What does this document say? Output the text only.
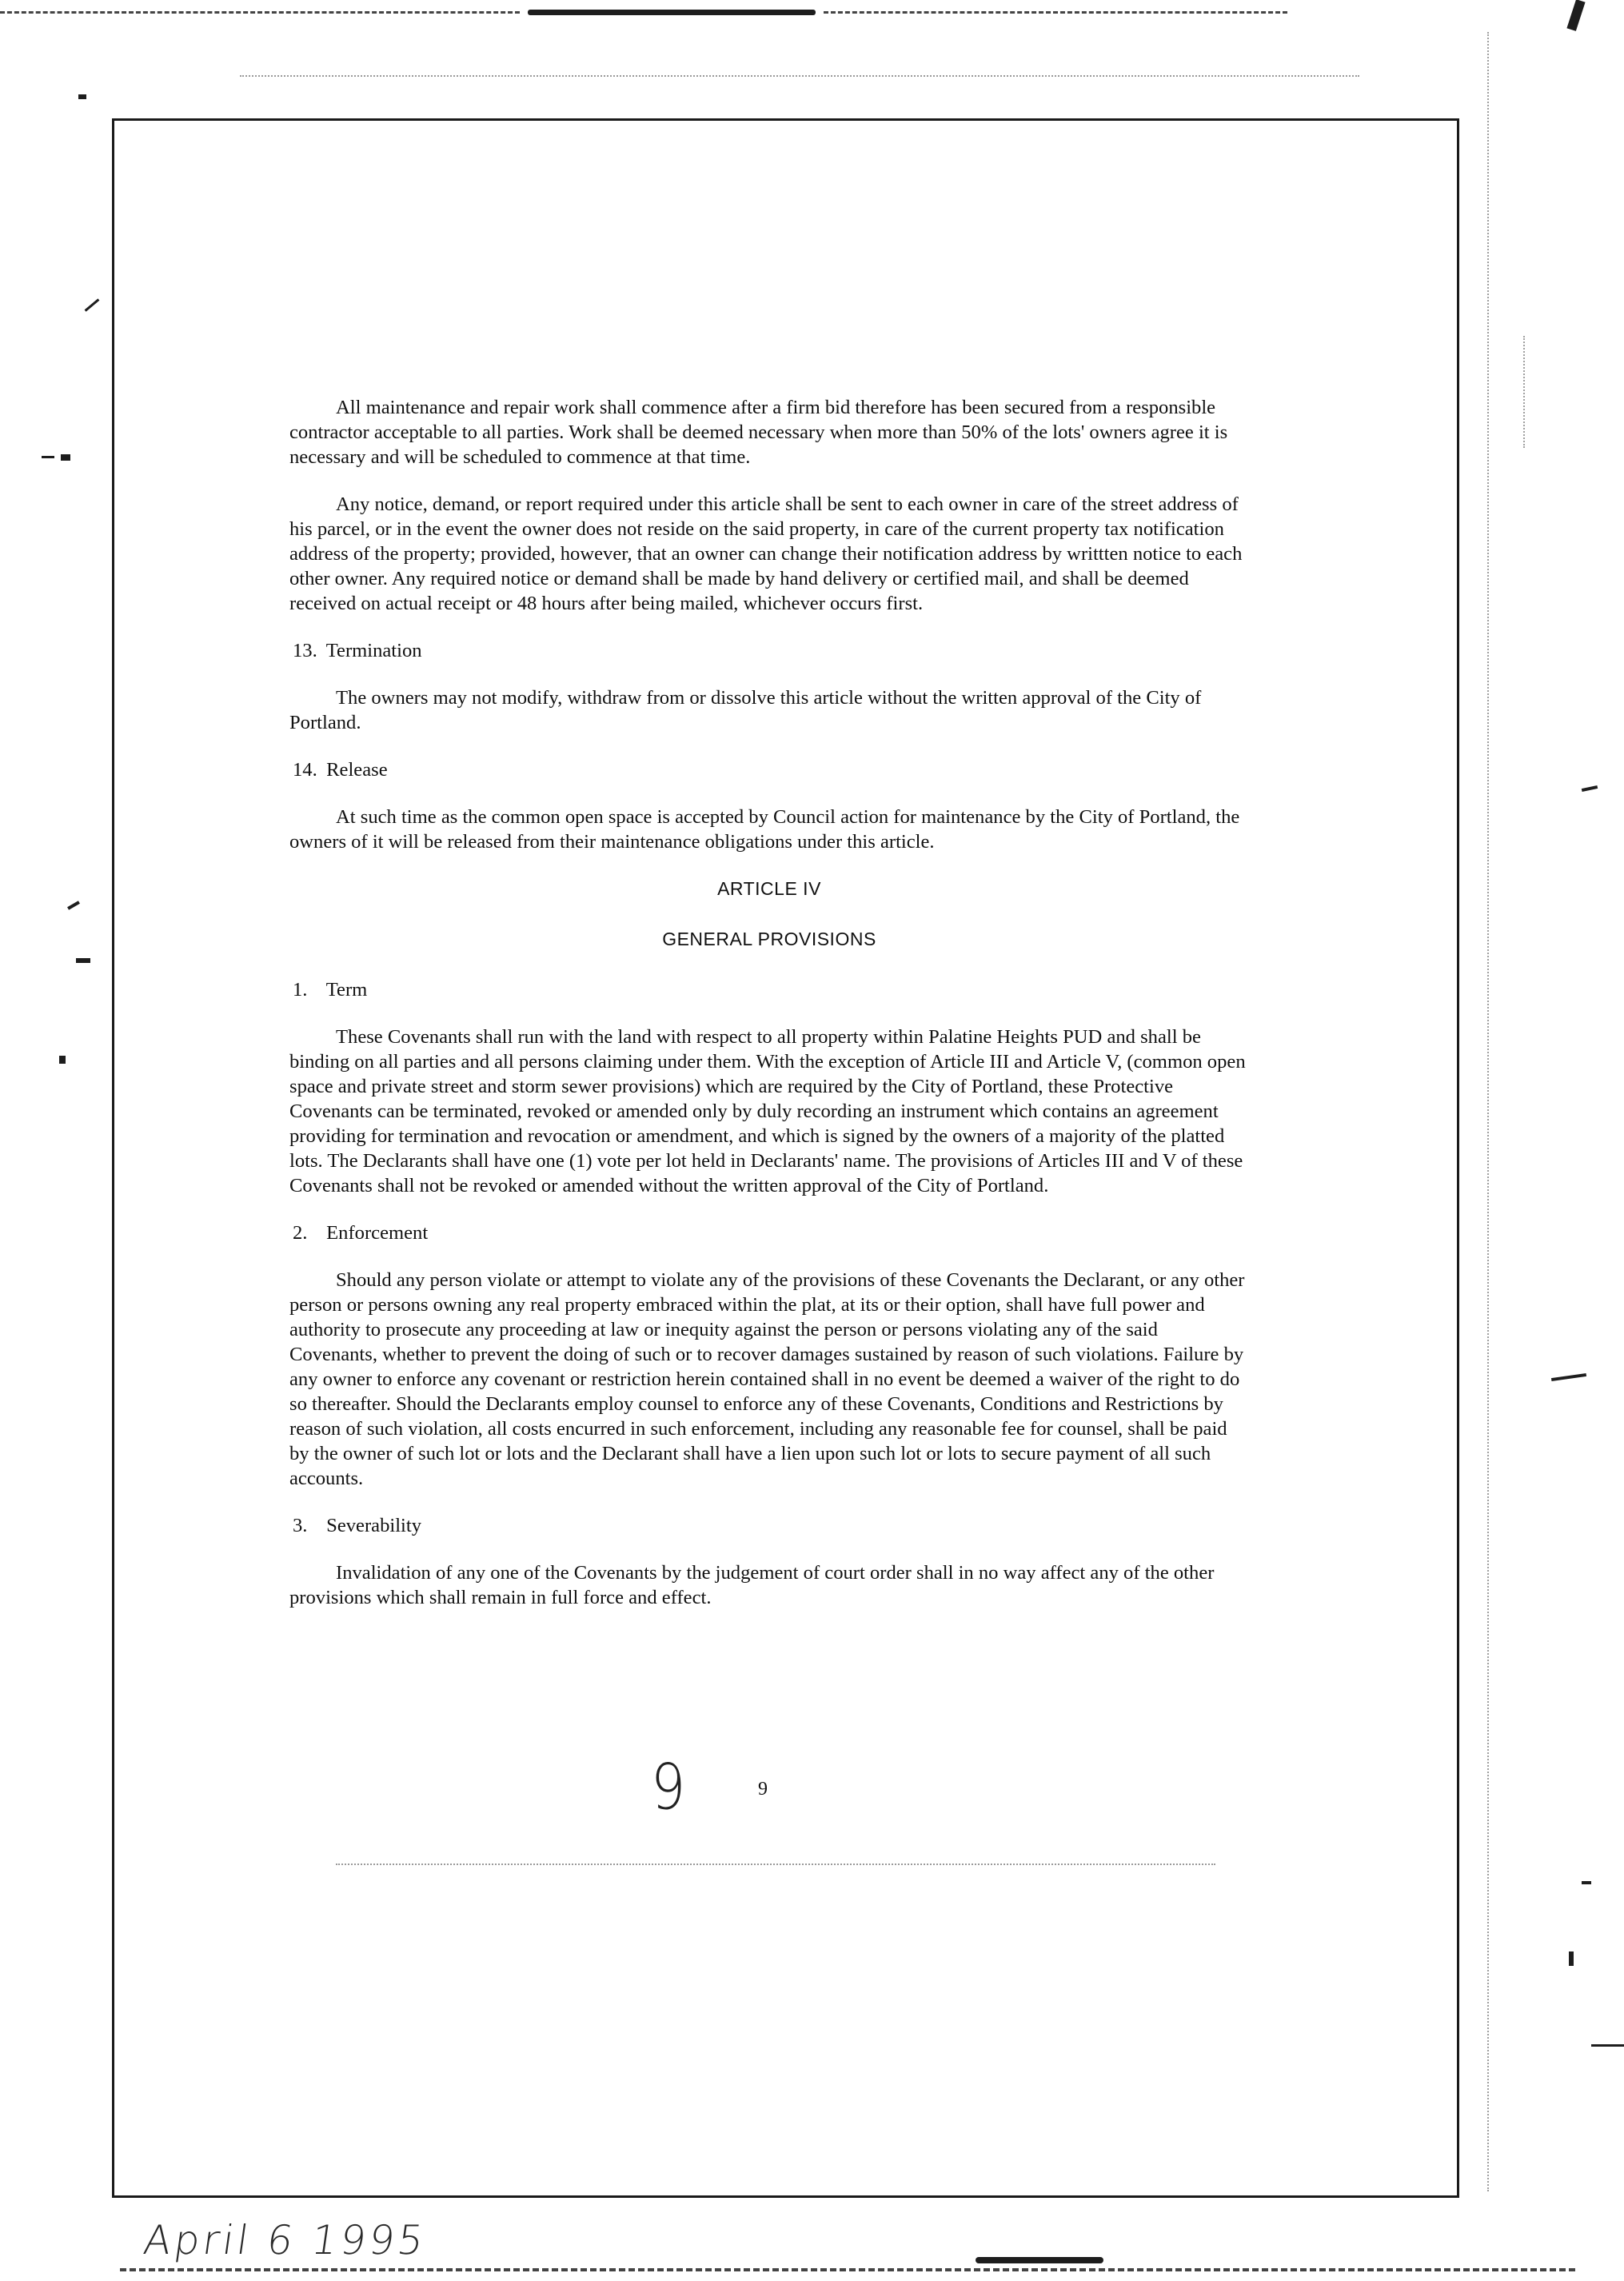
All maintenance and repair work shall commence after a firm bid therefore has been secured from a responsible contractor acceptable to all parties. Work shall be deemed necessary when more than 50% of the lots' owners agree it is necessary and will be scheduled to commence at that time.

Any notice, demand, or report required under this article shall be sent to each owner in care of the street address of his parcel, or in the event the owner does not reside on the said property, in care of the current property tax notification address of the property; provided, however, that an owner can change their notification address by writtten notice to each other owner. Any required notice or demand shall be made by hand delivery or certified mail, and shall be deemed received on actual receipt or 48 hours after being mailed, whichever occurs first.

13. Termination

The owners may not modify, withdraw from or dissolve this article without the written approval of the City of Portland.

14. Release

At such time as the common open space is accepted by Council action for maintenance by the City of Portland, the owners of it will be released from their maintenance obligations under this article.

ARTICLE IV
GENERAL PROVISIONS
1. Term

These Covenants shall run with the land with respect to all property within Palatine Heights PUD and shall be binding on all parties and all persons claiming under them. With the exception of Article III and Article V, (common open space and private street and storm sewer provisions) which are required by the City of Portland, these Protective Covenants can be terminated, revoked or amended only by duly recording an instrument which contains an agreement providing for termination and revocation or amendment, and which is signed by the owners of a majority of the platted lots. The Declarants shall have one (1) vote per lot held in Declarants' name. The provisions of Articles III and V of these Covenants shall not be revoked or amended without the written approval of the City of Portland.

2. Enforcement

Should any person violate or attempt to violate any of the provisions of these Covenants the Declarant, or any other person or persons owning any real property embraced within the plat, at its or their option, shall have full power and authority to prosecute any proceeding at law or inequity against the person or persons violating any of the said Covenants, whether to prevent the doing of such or to recover damages sustained by reason of such violations. Failure by any owner to enforce any covenant or restriction herein contained shall in no event be deemed a waiver of the right to do so thereafter. Should the Declarants employ counsel to enforce any of these Covenants, Conditions and Restrictions by reason of such violation, all costs encurred in such enforcement, including any reasonable fee for counsel, shall be paid by the owner of such lot or lots and the Declarant shall have a lien upon such lot or lots to secure payment of all such accounts.

3. Severability

Invalidation of any one of the Covenants by the judgement of court order shall in no way affect any of the other provisions which shall remain in full force and effect.

9	9
April 6 1995
